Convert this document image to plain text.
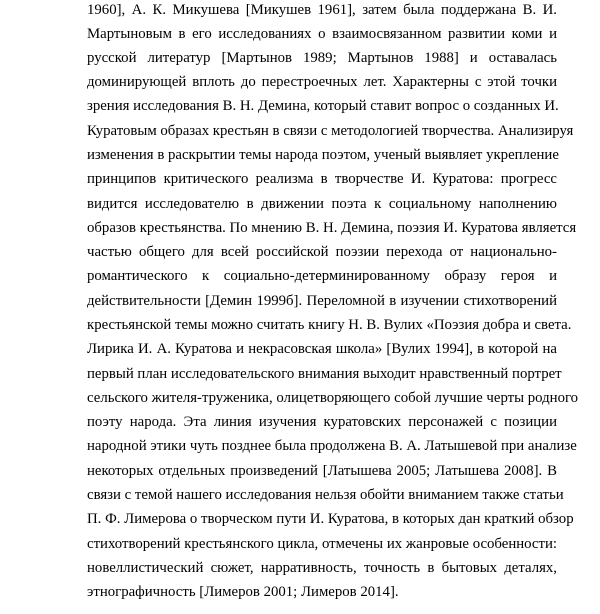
1960], А. К. Микушева [Микушев 1961], затем была поддержана В. И.
Мартыновым в его исследованиях о взаимосвязанном развитии коми и
русской литератур [Мартынов 1989; Мартынов 1988] и оставалась
доминирующей вплоть до перестроечных лет. Характерны с этой точки
зрения исследования В. Н. Демина, который ставит вопрос о созданных И.
Куратовым образах крестьян в связи с методологией творчества. Анализируя
изменения в раскрытии темы народа поэтом, ученый выявляет укрепление
принципов критического реализма в творчестве И. Куратова: прогресс
видится исследователю в движении поэта к социальному наполнению
образов крестьянства. По мнению В. Н. Демина, поэзия И. Куратова является
частью общего для всей российской поэзии перехода от национально-
романтического к социально-детерминированному образу героя и
действительности [Демин 1999б]. Переломной в изучении стихотворений
крестьянской темы можно считать книгу Н. В. Вулих «Поэзия добра и света.
Лирика И. А. Куратова и некрасовская школа» [Вулих 1994], в которой на
первый план исследовательского внимания выходит нравственный портрет
сельского жителя-труженика, олицетворяющего собой лучшие черты родного
поэту народа. Эта линия изучения куратовских персонажей с позиции
народной этики чуть позднее была продолжена В. А. Латышевой при анализе
некоторых отдельных произведений [Латышева 2005; Латышева 2008]. В
связи с темой нашего исследования нельзя обойти вниманием также статьи
П. Ф. Лимерова о творческом пути И. Куратова, в которых дан краткий обзор
стихотворений крестьянского цикла, отмечены их жанровые особенности:
новеллистический сюжет, нарративность, точность в бытовых деталях,
этнографичность [Лимеров 2001; Лимеров 2014].
